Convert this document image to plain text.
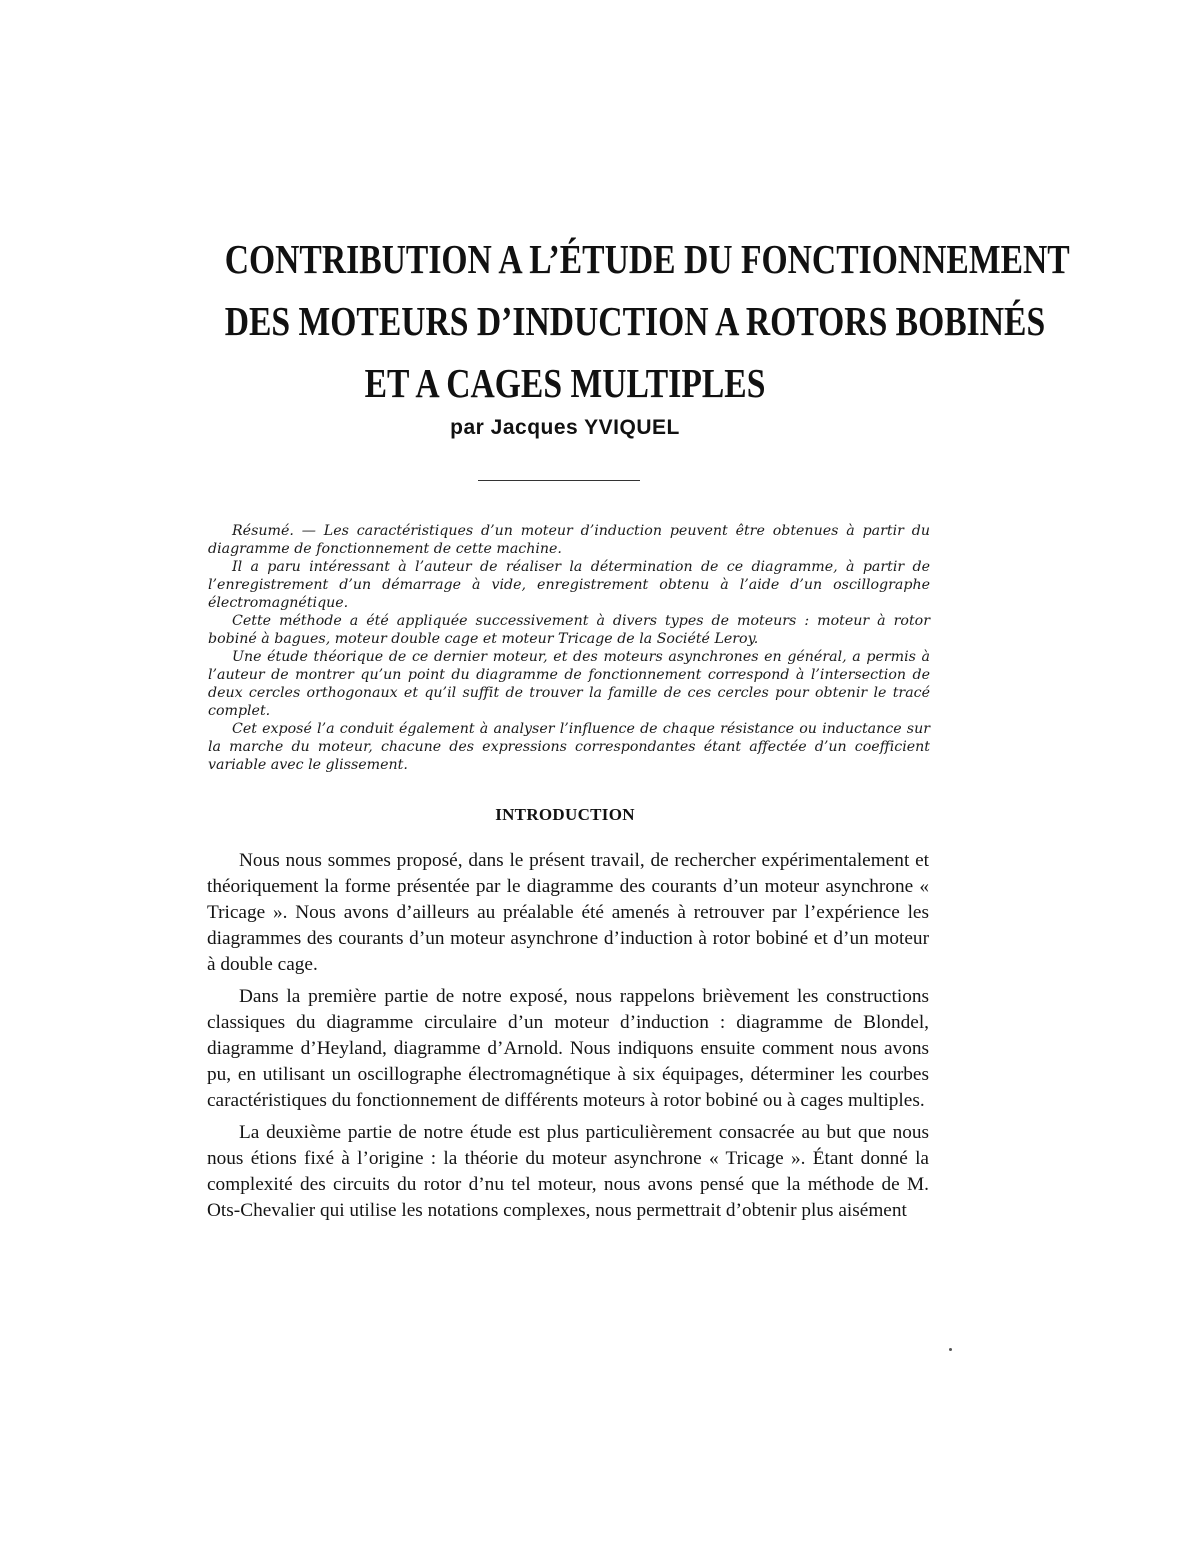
CONTRIBUTION A L’ÉTUDE DU FONCTIONNEMENT
DES MOTEURS D’INDUCTION A ROTORS BOBINÉS
ET A CAGES MULTIPLES
par Jacques YVIQUEL

Résumé. — Les caractéristiques d’un moteur d’induction peuvent être obtenues à partir du diagramme de fonctionnement de cette machine.

Il a paru intéressant à l’auteur de réaliser la détermination de ce diagramme, à partir de l’enregistrement d’un démarrage à vide, enregistrement obtenu à l’aide d’un oscillographe électromagnétique.

Cette méthode a été appliquée successivement à divers types de moteurs : moteur à rotor bobiné à bagues, moteur double cage et moteur Tricage de la Société Leroy.

Une étude théorique de ce dernier moteur, et des moteurs asynchrones en général, a permis à l’auteur de montrer qu’un point du diagramme de fonctionnement correspond à l’intersection de deux cercles orthogonaux et qu’il suffit de trouver la famille de ces cercles pour obtenir le tracé complet.

Cet exposé l’a conduit également à analyser l’influence de chaque résistance ou inductance sur la marche du moteur, chacune des expressions correspondantes étant affectée d’un coefficient variable avec le glissement.

INTRODUCTION

Nous nous sommes proposé, dans le présent travail, de rechercher expérimentalement et théoriquement la forme présentée par le diagramme des courants d’un moteur asynchrone « Tricage ». Nous avons d’ailleurs au préalable été amenés à retrouver par l’expérience les diagrammes des courants d’un moteur asynchrone d’induction à rotor bobiné et d’un moteur à double cage.

Dans la première partie de notre exposé, nous rappelons brièvement les constructions classiques du diagramme circulaire d’un moteur d’induction : diagramme de Blondel, diagramme d’Heyland, diagramme d’Arnold. Nous indiquons ensuite comment nous avons pu, en utilisant un oscillographe électromagnétique à six équipages, déterminer les courbes caractéristiques du fonctionnement de différents moteurs à rotor bobiné ou à cages multiples.

La deuxième partie de notre étude est plus particulièrement consacrée au but que nous nous étions fixé à l’origine : la théorie du moteur asynchrone « Tricage ». Étant donné la complexité des circuits du rotor d’nu tel moteur, nous avons pensé que la méthode de M. Ots-Chevalier qui utilise les notations complexes, nous permettrait d’obtenir plus aisément
